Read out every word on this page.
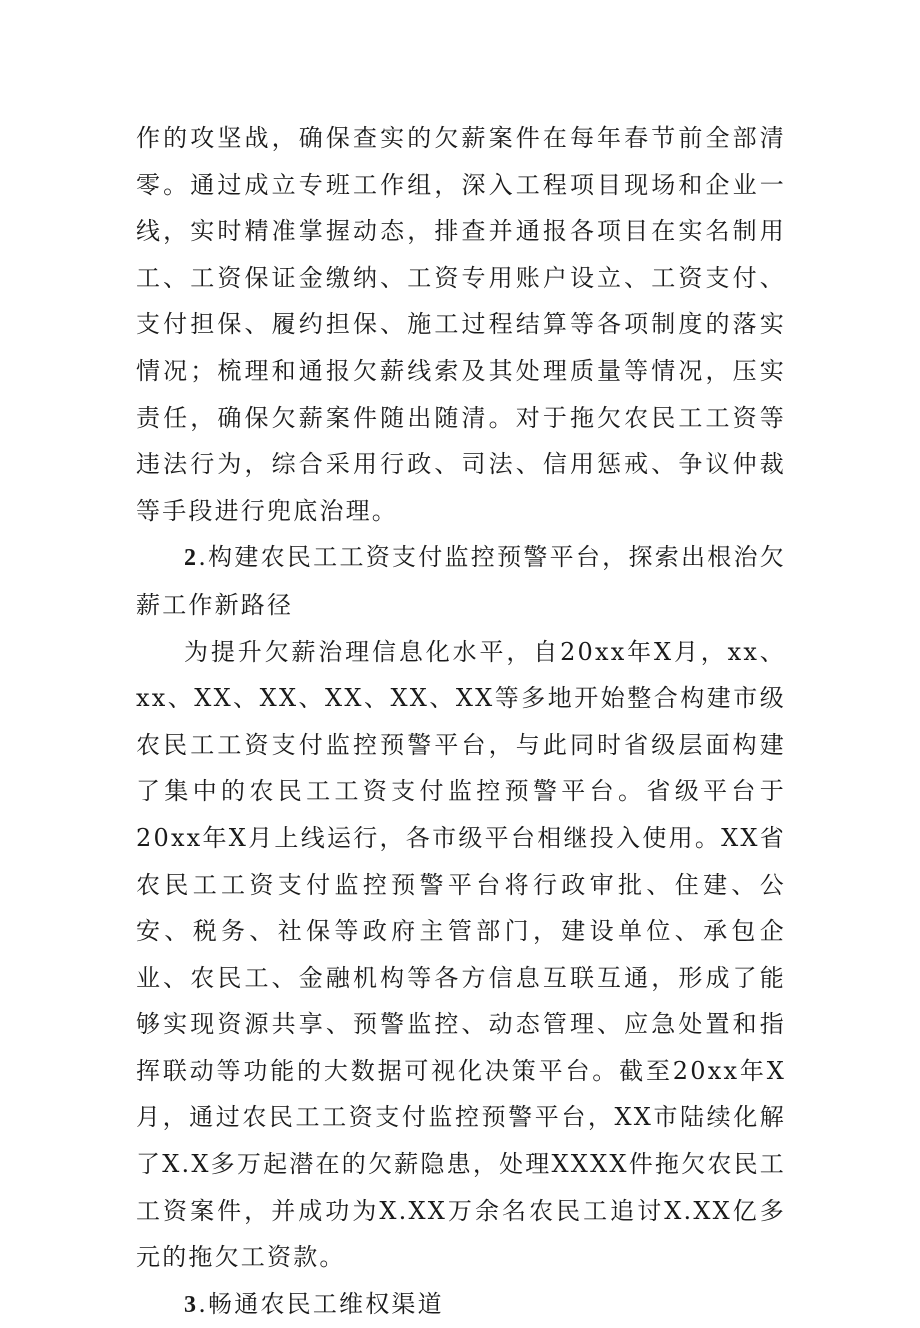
作的攻坚战，确保查实的欠薪案件在每年春节前全部清零。通过成立专班工作组，深入工程项目现场和企业一线，实时精准掌握动态，排查并通报各项目在实名制用工、工资保证金缴纳、工资专用账户设立、工资支付、支付担保、履约担保、施工过程结算等各项制度的落实情况；梳理和通报欠薪线索及其处理质量等情况，压实责任，确保欠薪案件随出随清。对于拖欠农民工工资等违法行为，综合采用行政、司法、信用惩戒、争议仲裁等手段进行兜底治理。

2.构建农民工工资支付监控预警平台，探索出根治欠薪工作新路径

为提升欠薪治理信息化水平，自20xx年X月，xx、xx、XX、XX、XX、XX、XX等多地开始整合构建市级农民工工资支付监控预警平台，与此同时省级层面构建了集中的农民工工资支付监控预警平台。省级平台于20xx年X月上线运行，各市级平台相继投入使用。XX省农民工工资支付监控预警平台将行政审批、住建、公安、税务、社保等政府主管部门，建设单位、承包企业、农民工、金融机构等各方信息互联互通，形成了能够实现资源共享、预警监控、动态管理、应急处置和指挥联动等功能的大数据可视化决策平台。截至20xx年X月，通过农民工工资支付监控预警平台，XX市陆续化解了X.X多万起潜在的欠薪隐患，处理XXXX件拖欠农民工工资案件，并成功为X.XX万余名农民工追讨X.XX亿多元的拖欠工资款。

3.畅通农民工维权渠道
